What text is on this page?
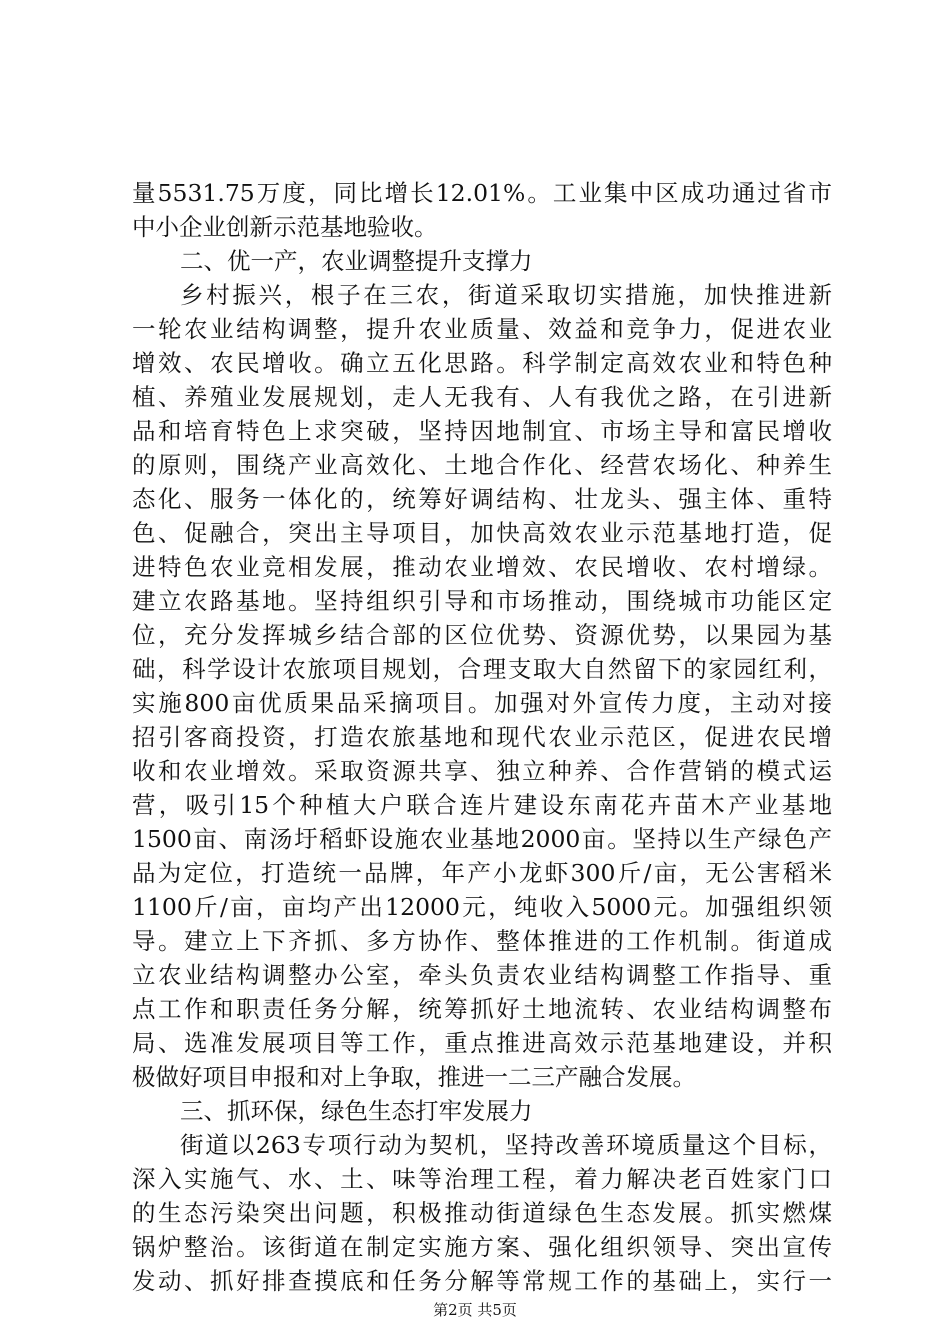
量5531.75万度，同比增长12.01%。工业集中区成功通过省市
中小企业创新示范基地验收。
二、优一产，农业调整提升支撑力
乡村振兴，根子在三农，街道采取切实措施，加快推进新
一轮农业结构调整，提升农业质量、效益和竞争力，促进农业
增效、农民增收。确立五化思路。科学制定高效农业和特色种
植、养殖业发展规划，走人无我有、人有我优之路，在引进新
品和培育特色上求突破，坚持因地制宜、市场主导和富民增收
的原则，围绕产业高效化、土地合作化、经营农场化、种养生
态化、服务一体化的，统筹好调结构、壮龙头、强主体、重特
色、促融合，突出主导项目，加快高效农业示范基地打造，促
进特色农业竞相发展，推动农业增效、农民增收、农村增绿。
建立农路基地。坚持组织引导和市场推动，围绕城市功能区定
位，充分发挥城乡结合部的区位优势、资源优势，以果园为基
础，科学设计农旅项目规划，合理支取大自然留下的家园红利，
实施800亩优质果品采摘项目。加强对外宣传力度，主动对接
招引客商投资，打造农旅基地和现代农业示范区，促进农民增
收和农业增效。采取资源共享、独立种养、合作营销的模式运
营，吸引15个种植大户联合连片建设东南花卉苗木产业基地
1500亩、南汤圩稻虾设施农业基地2000亩。坚持以生产绿色产
品为定位，打造统一品牌，年产小龙虾300斤/亩，无公害稻米
1100斤/亩，亩均产出12000元，纯收入5000元。加强组织领
导。建立上下齐抓、多方协作、整体推进的工作机制。街道成
立农业结构调整办公室，牵头负责农业结构调整工作指导、重
点工作和职责任务分解，统筹抓好土地流转、农业结构调整布
局、选准发展项目等工作，重点推进高效示范基地建设，并积
极做好项目申报和对上争取，推进一二三产融合发展。
三、抓环保，绿色生态打牢发展力
街道以263专项行动为契机，坚持改善环境质量这个目标，
深入实施气、水、土、味等治理工程，着力解决老百姓家门口
的生态污染突出问题，积极推动街道绿色生态发展。抓实燃煤
锅炉整治。该街道在制定实施方案、强化组织领导、突出宣传
发动、抓好排查摸底和任务分解等常规工作的基础上，实行一
第2页 共5页
